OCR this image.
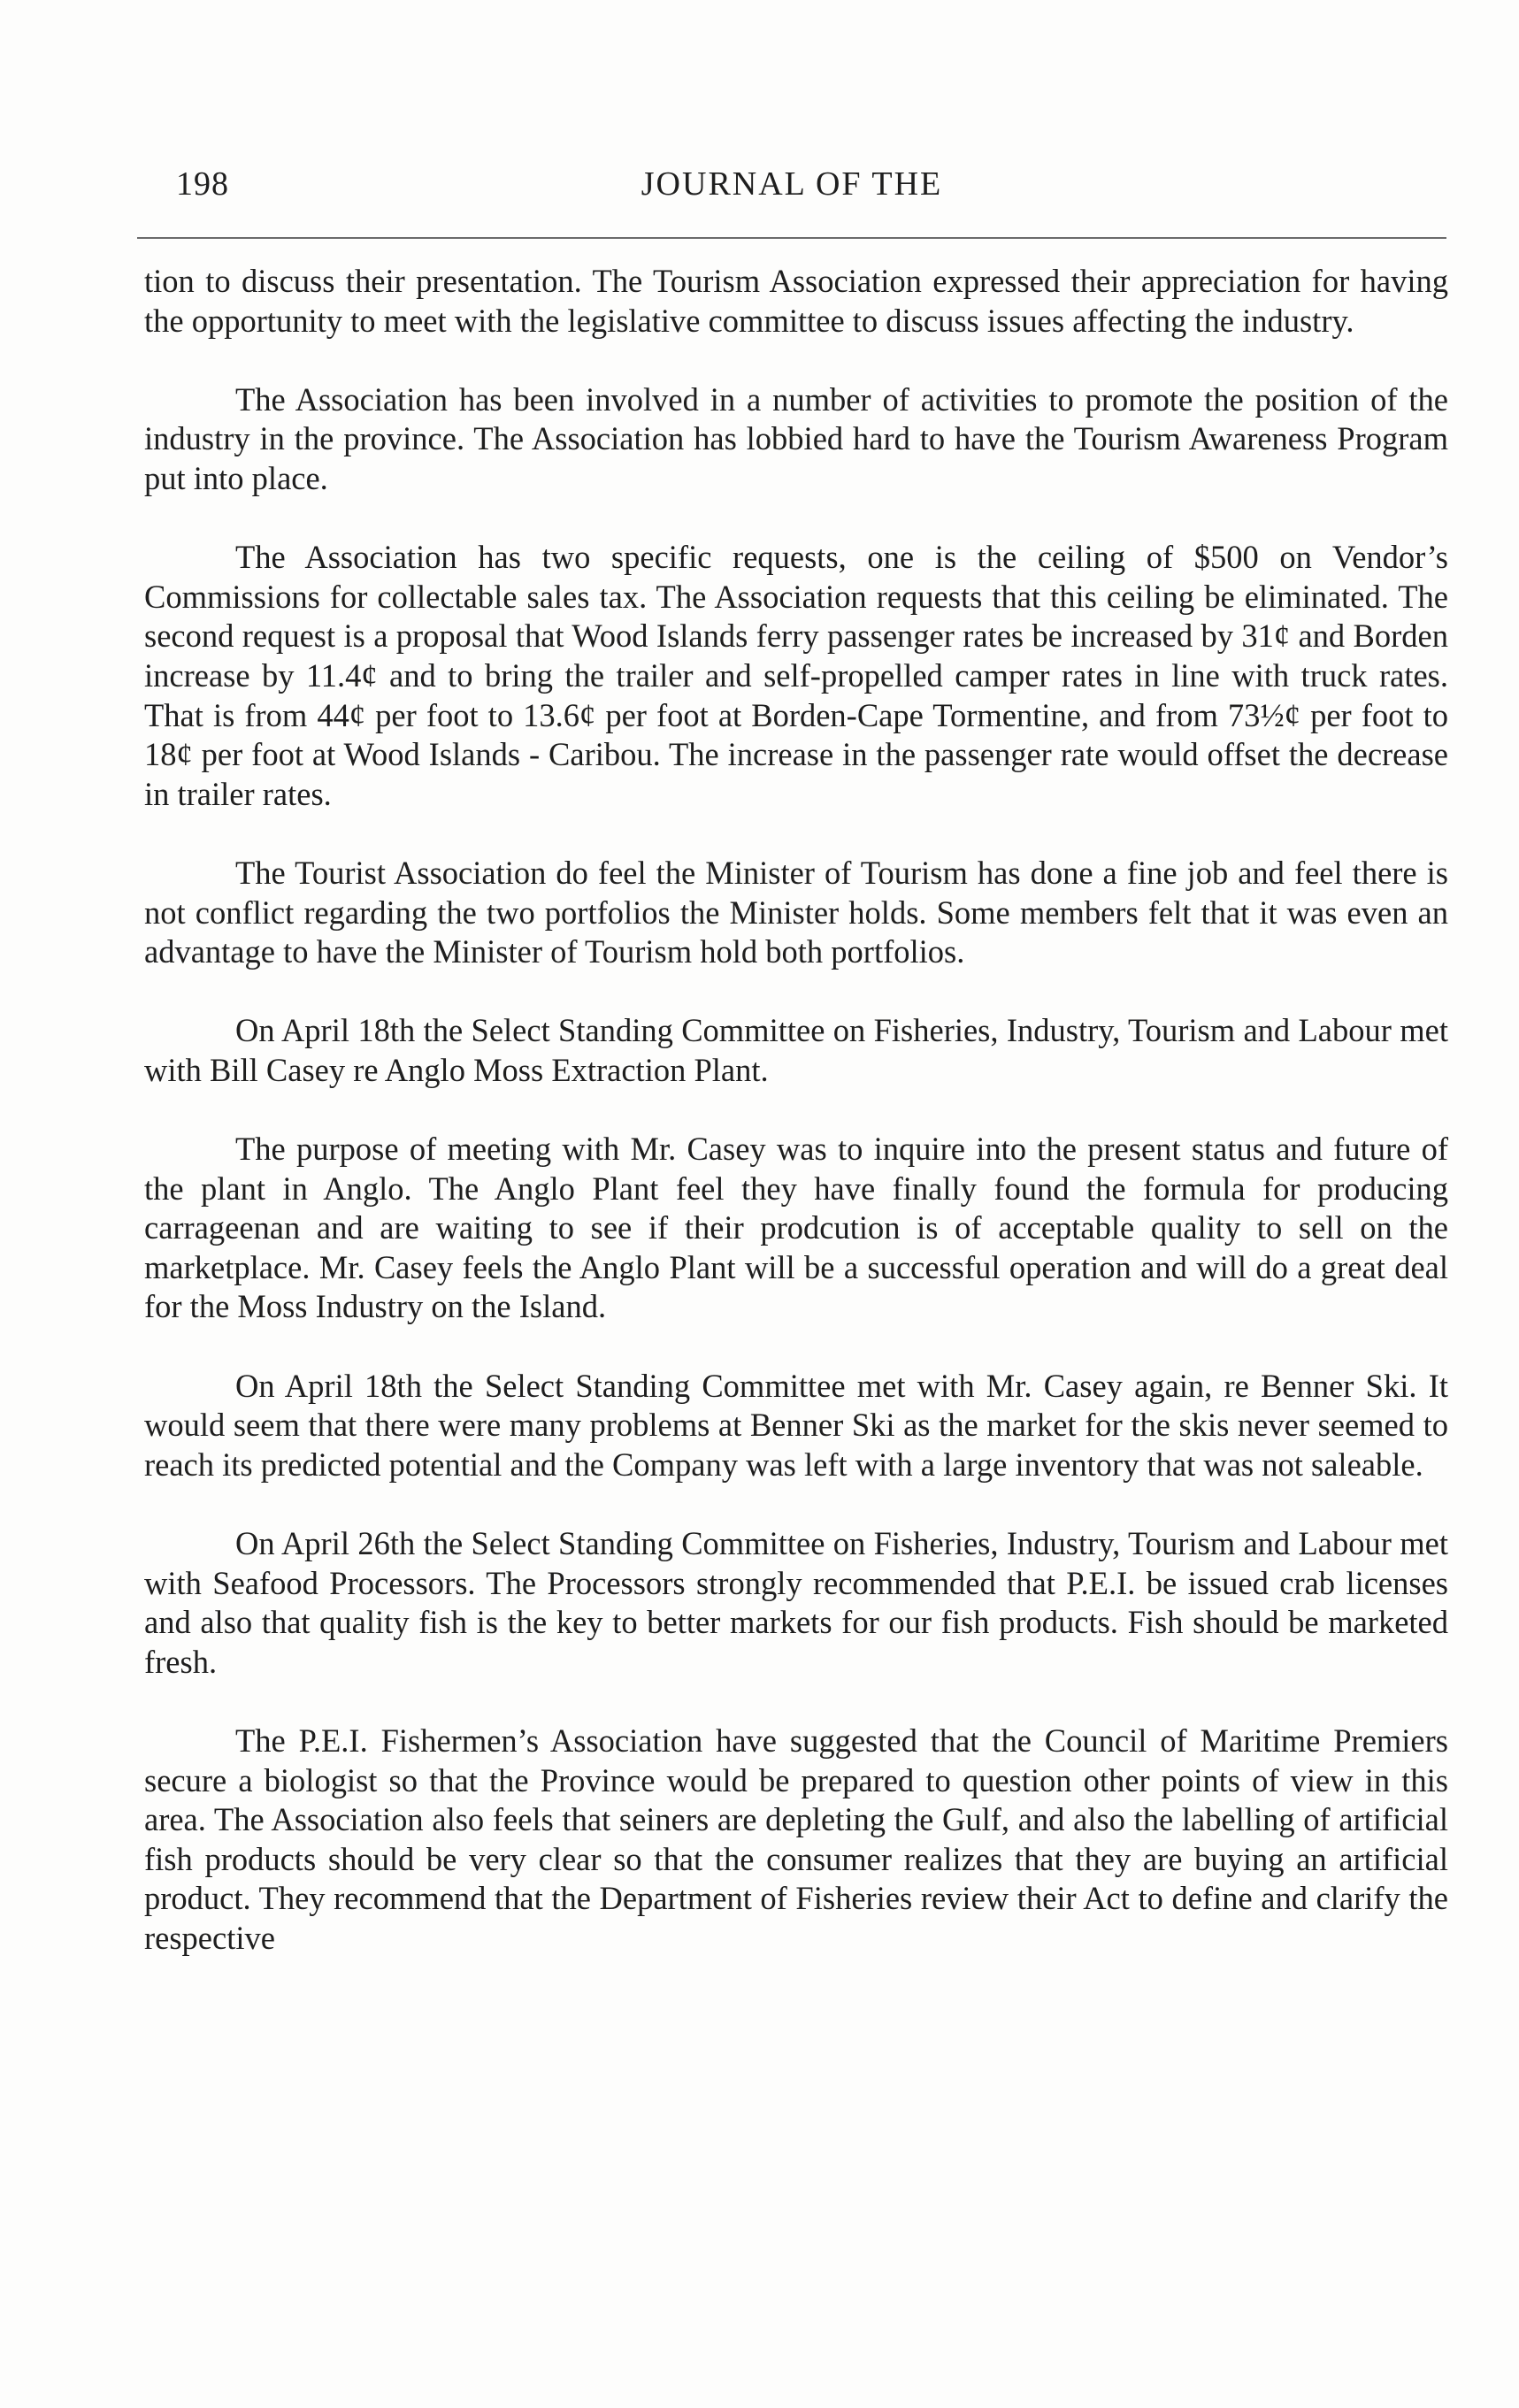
198	JOURNAL OF THE

tion to discuss their presentation. The Tourism Association expressed their appreciation for having the opportunity to meet with the legislative committee to discuss issues affecting the industry.

The Association has been involved in a number of activities to promote the position of the industry in the province. The Association has lobbied hard to have the Tourism Awareness Program put into place.

The Association has two specific requests, one is the ceiling of $500 on Vendor’s Commissions for collectable sales tax. The Association requests that this ceiling be eliminated. The second request is a proposal that Wood Islands ferry passenger rates be increased by 31¢ and Borden increase by 11.4¢ and to bring the trailer and self-propelled camper rates in line with truck rates. That is from 44¢ per foot to 13.6¢ per foot at Borden-Cape Tormentine, and from 73½¢ per foot to 18¢ per foot at Wood Islands - Caribou. The increase in the passenger rate would offset the decrease in trailer rates.

The Tourist Association do feel the Minister of Tourism has done a fine job and feel there is not conflict regarding the two portfolios the Minister holds. Some members felt that it was even an advantage to have the Minister of Tourism hold both portfolios.

On April 18th the Select Standing Committee on Fisheries, Industry, Tourism and Labour met with Bill Casey re Anglo Moss Extraction Plant.

The purpose of meeting with Mr. Casey was to inquire into the present status and future of the plant in Anglo. The Anglo Plant feel they have finally found the formula for producing carrageenan and are waiting to see if their prodcution is of acceptable quality to sell on the marketplace. Mr. Casey feels the Anglo Plant will be a successful operation and will do a great deal for the Moss Industry on the Island.

On April 18th the Select Standing Committee met with Mr. Casey again, re Benner Ski. It would seem that there were many problems at Benner Ski as the market for the skis never seemed to reach its predicted potential and the Company was left with a large inventory that was not saleable.

On April 26th the Select Standing Committee on Fisheries, Industry, Tourism and Labour met with Seafood Processors. The Processors strongly recommended that P.E.I. be issued crab licenses and also that quality fish is the key to better markets for our fish products. Fish should be marketed fresh.

The P.E.I. Fishermen’s Association have suggested that the Council of Maritime Premiers secure a biologist so that the Province would be prepared to question other points of view in this area. The Association also feels that seiners are depleting the Gulf, and also the labelling of artificial fish products should be very clear so that the consumer realizes that they are buying an artificial product. They recommend that the Department of Fisheries review their Act to define and clarify the respective
